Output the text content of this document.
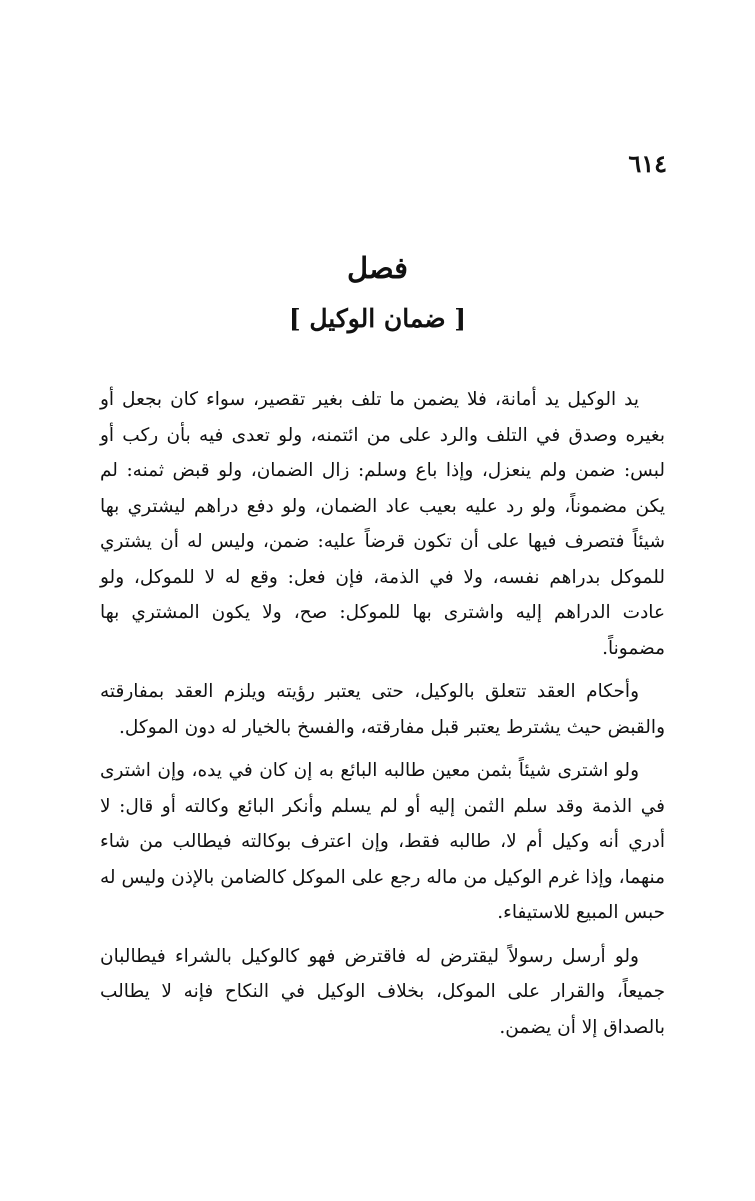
٦١٤
فصل
[ ضمان الوكيل ]

يد الوكيل يد أمانة، فلا يضمن ما تلف بغير تقصير، سواء كان بجعل أو بغيره وصدق في التلف والرد على من ائتمنه، ولو تعدى فيه بأن ركب أو لبس: ضمن ولم ينعزل، وإذا باع وسلم: زال الضمان، ولو قبض ثمنه: لم يكن مضموناً، ولو رد عليه بعيب عاد الضمان، ولو دفع دراهم ليشتري بها شيئاً فتصرف فيها على أن تكون قرضاً عليه: ضمن، وليس له أن يشتري للموكل بدراهم نفسه، ولا في الذمة، فإن فعل: وقع له لا للموكل، ولو عادت الدراهم إليه واشترى بها للموكل: صح، ولا يكون المشتري بها مضموناً.

وأحكام العقد تتعلق بالوكيل، حتى يعتبر رؤيته ويلزم العقد بمفارقته والقبض حيث يشترط يعتبر قبل مفارقته، والفسخ بالخيار له دون الموكل.

ولو اشترى شيئاً بثمن معين طالبه البائع به إن كان في يده، وإن اشترى في الذمة وقد سلم الثمن إليه أو لم يسلم وأنكر البائع وكالته أو قال: لا أدري أنه وكيل أم لا، طالبه فقط، وإن اعترف بوكالته فيطالب من شاء منهما، وإذا غرم الوكيل من ماله رجع على الموكل كالضامن بالإذن وليس له حبس المبيع للاستيفاء.

ولو أرسل رسولاً ليقترض له فاقترض فهو كالوكيل بالشراء فيطالبان جميعاً، والقرار على الموكل، بخلاف الوكيل في النكاح فإنه لا يطالب بالصداق إلا أن يضمن.
